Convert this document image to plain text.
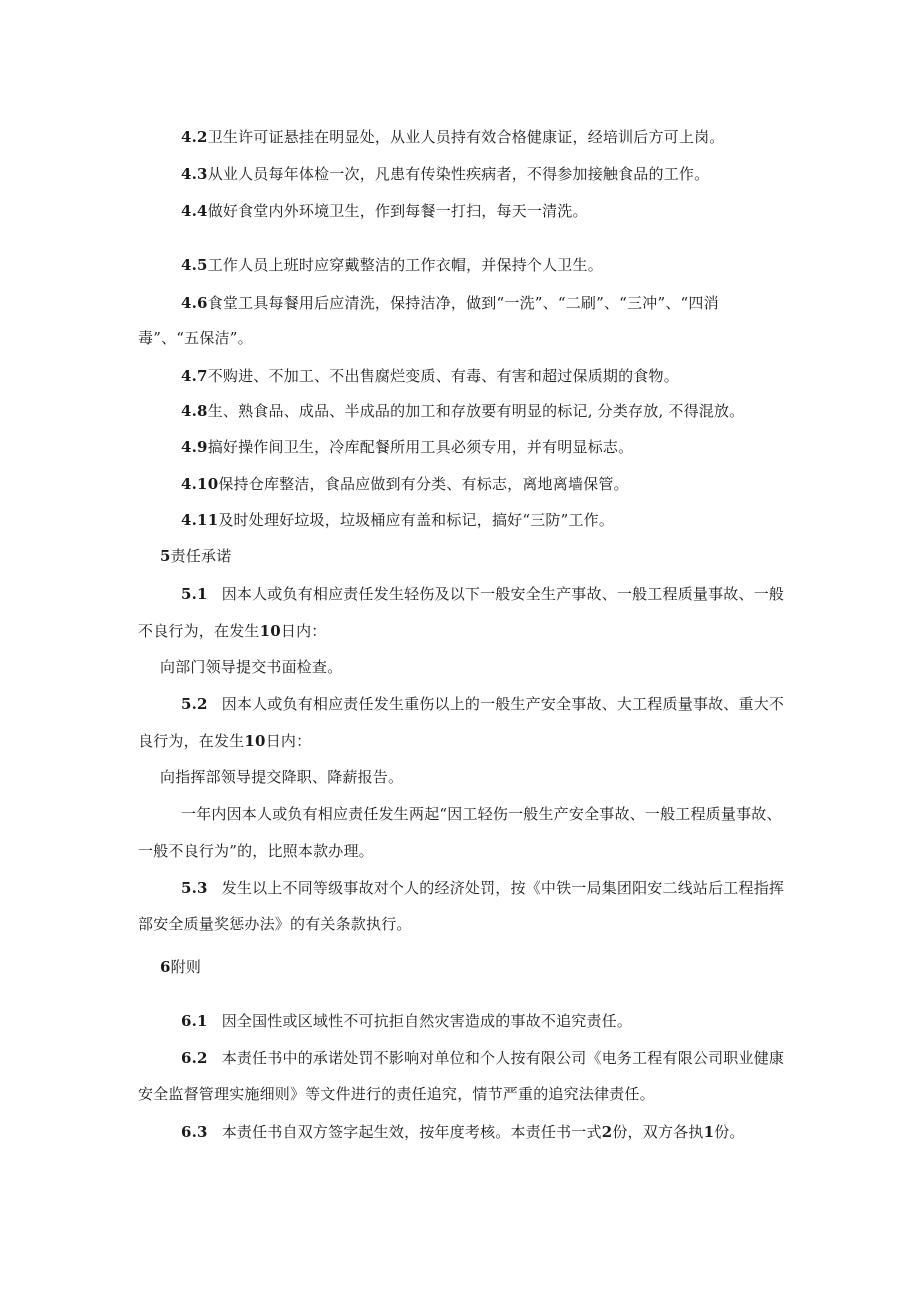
4.2卫生许可证悬挂在明显处，从业人员持有效合格健康证，经培训后方可上岗。
4.3从业人员每年体检一次，凡患有传染性疾病者，不得参加接触食品的工作。
4.4做好食堂内外环境卫生，作到每餐一打扫，每天一清洗。
4.5工作人员上班时应穿戴整洁的工作衣帽，并保持个人卫生。
4.6食堂工具每餐用后应清洗，保持洁净，做到“一洗”、“二刷”、“三冲”、“四消
毒”、“五保洁”。
4.7不购进、不加工、不出售腐烂变质、有毒、有害和超过保质期的食物。
4.8生、熟食品、成品、半成品的加工和存放要有明显的标记, 分类存放, 不得混放。
4.9搞好操作间卫生，冷库配餐所用工具必须专用，并有明显标志。
4.10保持仓库整洁，食品应做到有分类、有标志，离地离墙保管。
4.11及时处理好垃圾，垃圾桶应有盖和标记，搞好“三防”工作。
5责任承诺
5.1 因本人或负有相应责任发生轻伤及以下一般安全生产事故、一般工程质量事故、一般
不良行为，在发生10日内：
向部门领导提交书面检查。
5.2 因本人或负有相应责任发生重伤以上的一般生产安全事故、大工程质量事故、重大不
良行为，在发生10日内：
向指挥部领导提交降职、降薪报告。
一年内因本人或负有相应责任发生两起“因工轻伤一般生产安全事故、一般工程质量事故、
一般不良行为”的，比照本款办理。
5.3 发生以上不同等级事故对个人的经济处罚，按《中铁一局集团阳安二线站后工程指挥
部安全质量奖惩办法》的有关条款执行。
6附则
6.1 因全国性或区域性不可抗拒自然灾害造成的事故不追究责任。
6.2 本责任书中的承诺处罚不影响对单位和个人按有限公司《电务工程有限公司职业健康
安全监督管理实施细则》等文件进行的责任追究，情节严重的追究法律责任。
6.3 本责任书自双方签字起生效，按年度考核。本责任书一式2份，双方各执1份。
